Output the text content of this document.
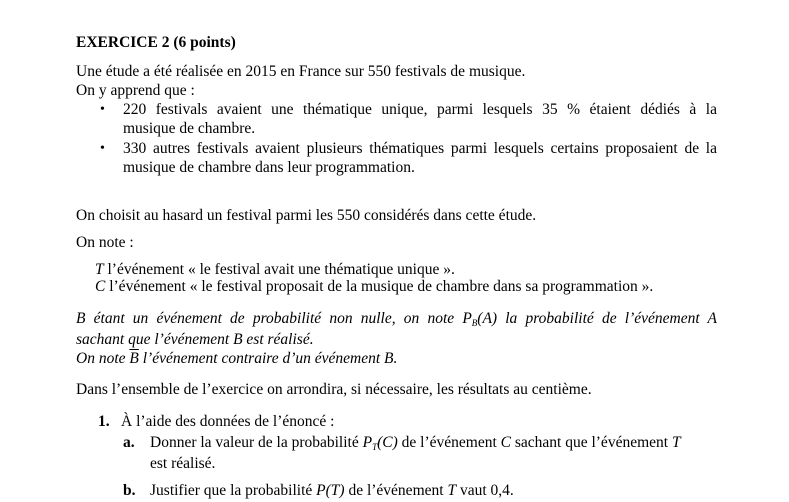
EXERCICE 2 (6 points)
Une étude a été réalisée en 2015 en France sur 550 festivals de musique.
On y apprend que :
• 220 festivals avaient une thématique unique, parmi lesquels 35 % étaient dédiés à la
musique de chambre.
• 330 autres festivals avaient plusieurs thématiques parmi lesquels certains proposaient de la
musique de chambre dans leur programmation.
On choisit au hasard un festival parmi les 550 considérés dans cette étude.
On note :
T l’événement « le festival avait une thématique unique ».
C l’événement « le festival proposait de la musique de chambre dans sa programmation ».
B étant un événement de probabilité non nulle, on note $P_B(A)$ la probabilité de l’événement A
sachant que l’événement B est réalisé.
On note $\overline{B}$ l’événement contraire d’un événement B.
Dans l’ensemble de l’exercice on arrondira, si nécessaire, les résultats au centième.
1. À l’aide des données de l’énoncé :
a. Donner la valeur de la probabilité $P_T(C)$ de l’événement C sachant que l’événement T
est réalisé.
b. Justifier que la probabilité P(T) de l’événement T vaut 0,4.
